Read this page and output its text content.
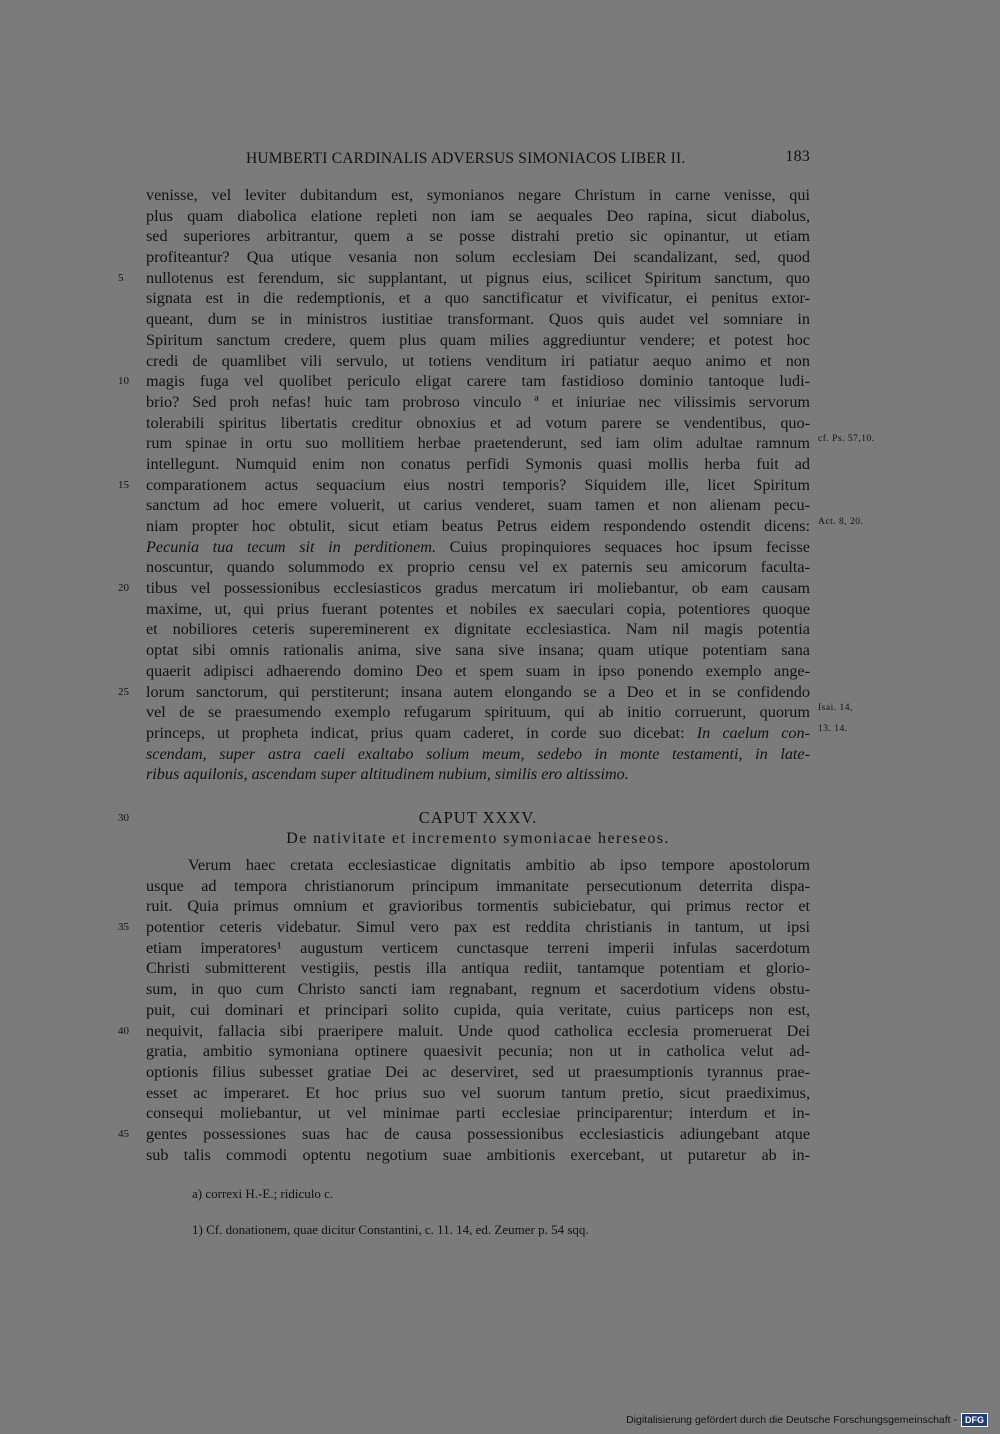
HUMBERTI CARDINALIS ADVERSUS SIMONIACOS LIBER II.	183
venisse, vel leviter dubitandum est, symonianos negare Christum in carne venisse, qui
plus quam diabolica elatione repleti non iam se aequales Deo rapina, sicut diabolus,
sed superiores arbitrantur, quem a se posse distrahi pretio sic opinantur, ut etiam
profiteantur? Qua utique vesania non solum ecclesiam Dei scandalizant, sed, quod
5	nullotenus est ferendum, sic supplantant, ut pignus eius, scilicet Spiritum sanctum, quo
signata est in die redemptionis, et a quo sanctificatur et vivificatur, ei penitus extor-
queant, dum se in ministros iustitiae transformant. Quos quis audet vel somniare in
Spiritum sanctum credere, quem plus quam milies aggrediuntur vendere; et potest hoc
credi de quamlibet vili servulo, ut totiens venditum iri patiatur aequo animo et non
10	magis fuga vel quolibet periculo eligat carere tam fastidioso dominio tantoque ludi-
brio? Sed proh nefas! huic tam probroso vinculo ª et iniuriae nec vilissimis servorum
tolerabili spiritus libertatis creditur obnoxius et ad votum parere se vendentibus, quo-
rum spinae in ortu suo mollitiem herbae praetenderunt, sed iam olim adultae ramnum cf. Ps. 57,10.
intellegunt. Numquid enim non conatus perfidi Symonis quasi mollis herba fuit ad
15	comparationem actus sequacium eius nostri temporis? Siquidem ille, licet Spiritum
sanctum ad hoc emere voluerit, ut carius venderet, suam tamen et non alienam pecu-
niam propter hoc obtulit, sicut etiam beatus Petrus eidem respondendo ostendit dicens: Act. 8, 20.
Pecunia tua tecum sit in perditionem. Cuius propinquiores sequaces hoc ipsum fecisse
noscuntur, quando solummodo ex proprio censu vel ex paternis seu amicorum faculta-
20	tibus vel possessionibus ecclesiasticos gradus mercatum iri moliebantur, ob eam causam
maxime, ut, qui prius fuerant potentes et nobiles ex saeculari copia, potentiores quoque
et nobiliores ceteris supereminerent ex dignitate ecclesiastica. Nam nil magis potentia
optat sibi omnis rationalis anima, sive sana sive insana; quam utique potentiam sana
quaerit adipisci adhaerendo domino Deo et spem suam in ipso ponendo exemplo ange-
25	lorum sanctorum, qui perstiterunt; insana autem elongando se a Deo et in se confidendo
vel de se praesumendo exemplo refugarum spirituum, qui ab initio corruerunt, quorum Isai. 14,
princeps, ut propheta indicat, prius quam caderet, in corde suo dicebat: In caelum con- 13. 14.
scendam, super astra caeli exaltabo solium meum, sedebo in monte testamenti, in late-
ribus aquilonis, ascendam super altitudinem nubium, similis ero altissimo.
30	CAPUT XXXV.
De nativitate et incremento symoniacae hereseos.
Verum haec cretata ecclesiasticae dignitatis ambitio ab ipso tempore apostolorum
usque ad tempora christianorum principum immanitate persecutionum deterrita dispa-
ruit. Quia primus omnium et gravioribus tormentis subiciebatur, qui primus rector et
35	potentior ceteris videbatur. Simul vero pax est reddita christianis in tantum, ut ipsi
etiam imperatores¹ augustum verticem cunctasque terreni imperii infulas sacerdotum
Christi submitterent vestigiis, pestis illa antiqua rediit, tantamque potentiam et glorio-
sum, in quo cum Christo sancti iam regnabant, regnum et sacerdotium videns obstu-
puit, cui dominari et principari solito cupida, quia veritate, cuius particeps non est,
40	nequivit, fallacia sibi praeripere maluit. Unde quod catholica ecclesia promeruerat Dei
gratia, ambitio symoniana optinere quaesivit pecunia; non ut in catholica velut ad-
optionis filius subesset gratiae Dei ac deserviret, sed ut praesumptionis tyrannus prae-
esset ac imperaret. Et hoc prius suo vel suorum tantum pretio, sicut praediximus,
consequi moliebantur, ut vel minimae parti ecclesiae principarentur; interdum et in-
45	gentes possessiones suas hac de causa possessionibus ecclesiasticis adiungebant atque
sub talis commodi optentu negotium suae ambitionis exercebant, ut putaretur ab in-
a) correxi H.-E.; ridiculo c.
1) Cf. donationem, quae dicitur Constantini, c. 11. 14, ed. Zeumer p. 54 sqq.
Digitalisierung gefördert durch die Deutsche Forschungsgemeinschaft - DFG
